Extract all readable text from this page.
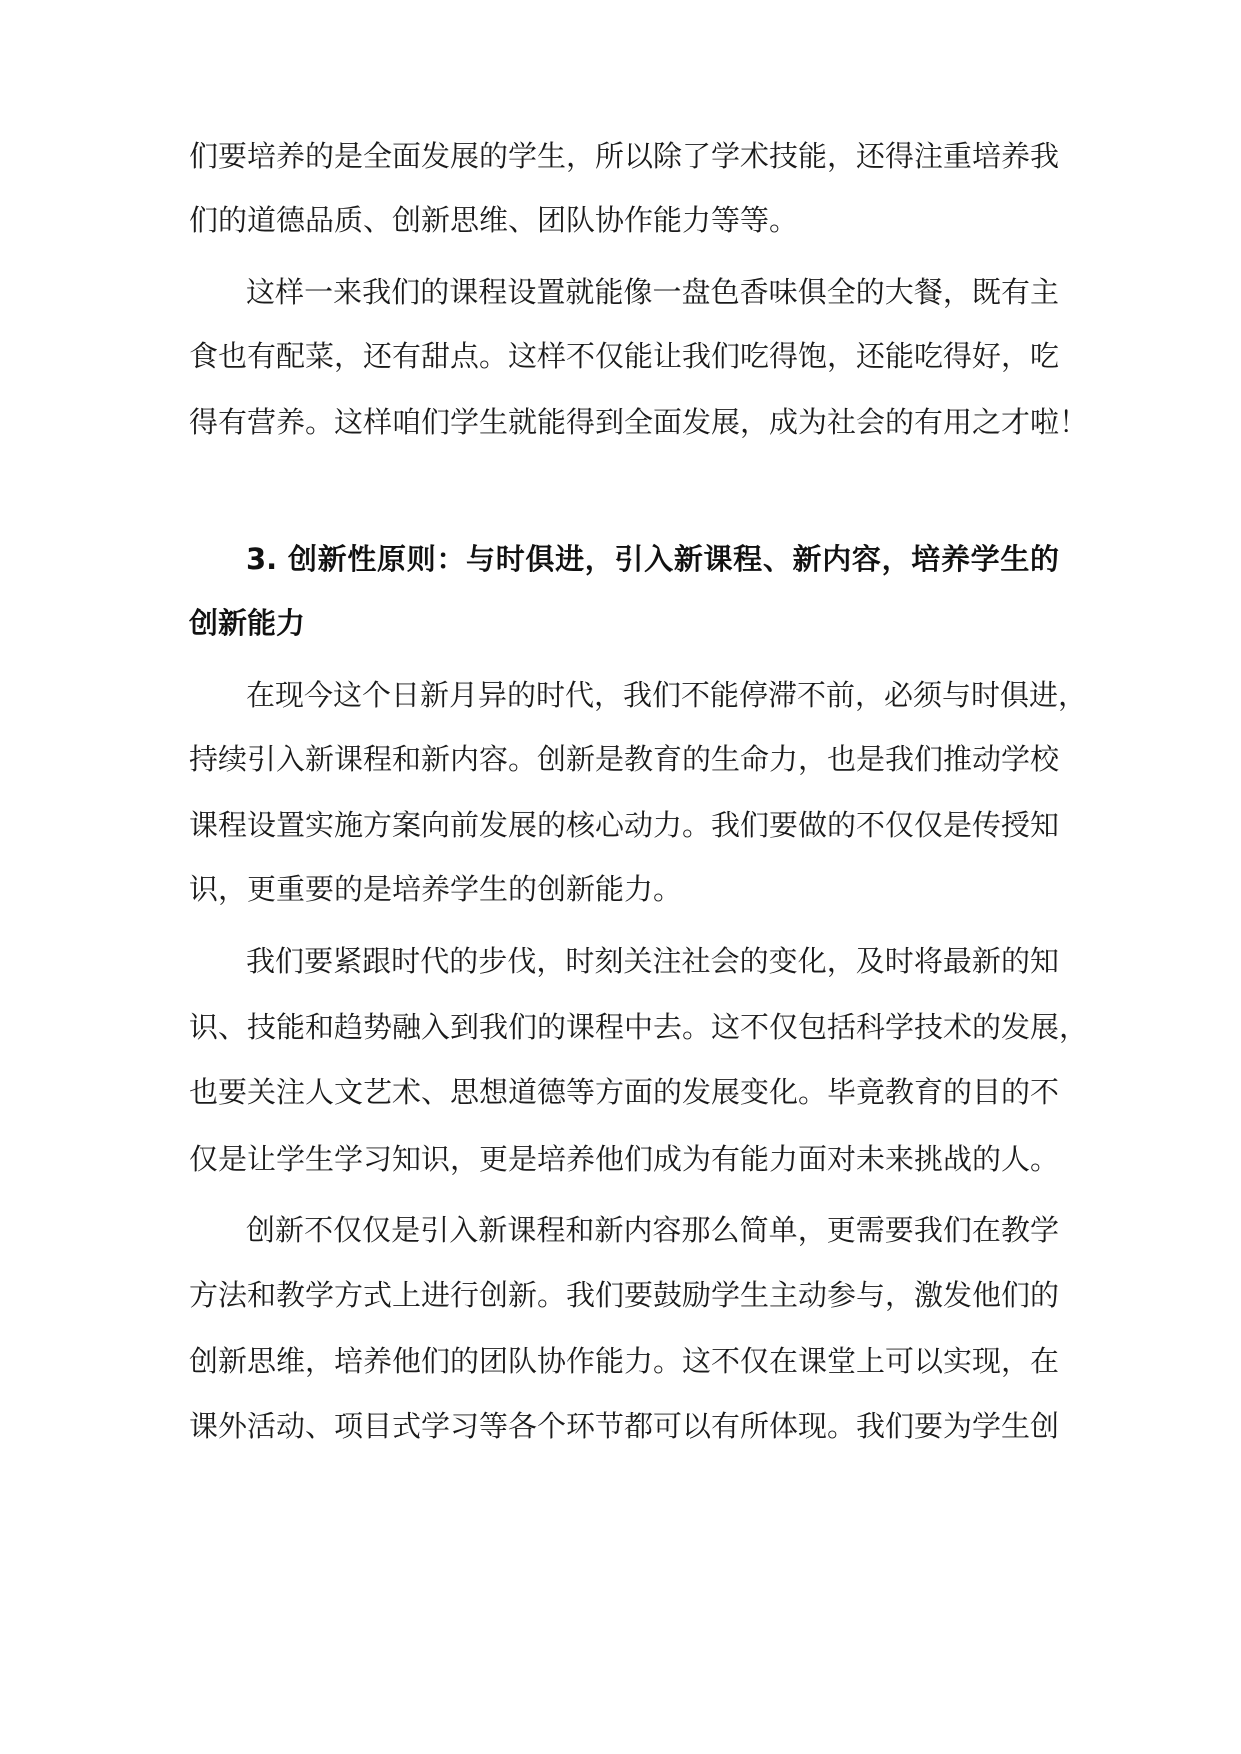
们要培养的是全面发展的学生，所以除了学术技能，还得注重培养我
们的道德品质、创新思维、团队协作能力等等。
这样一来我们的课程设置就能像一盘色香味俱全的大餐，既有主
食也有配菜，还有甜点。这样不仅能让我们吃得饱，还能吃得好，吃
得有营养。这样咱们学生就能得到全面发展，成为社会的有用之才啦！
3. 创新性原则：与时俱进，引入新课程、新内容，培养学生的
创新能力
在现今这个日新月异的时代，我们不能停滞不前，必须与时俱进，
持续引入新课程和新内容。创新是教育的生命力，也是我们推动学校
课程设置实施方案向前发展的核心动力。我们要做的不仅仅是传授知
识，更重要的是培养学生的创新能力。
我们要紧跟时代的步伐，时刻关注社会的变化，及时将最新的知
识、技能和趋势融入到我们的课程中去。这不仅包括科学技术的发展，
也要关注人文艺术、思想道德等方面的发展变化。毕竟教育的目的不
仅是让学生学习知识，更是培养他们成为有能力面对未来挑战的人。
创新不仅仅是引入新课程和新内容那么简单，更需要我们在教学
方法和教学方式上进行创新。我们要鼓励学生主动参与，激发他们的
创新思维，培养他们的团队协作能力。这不仅在课堂上可以实现，在
课外活动、项目式学习等各个环节都可以有所体现。我们要为学生创
